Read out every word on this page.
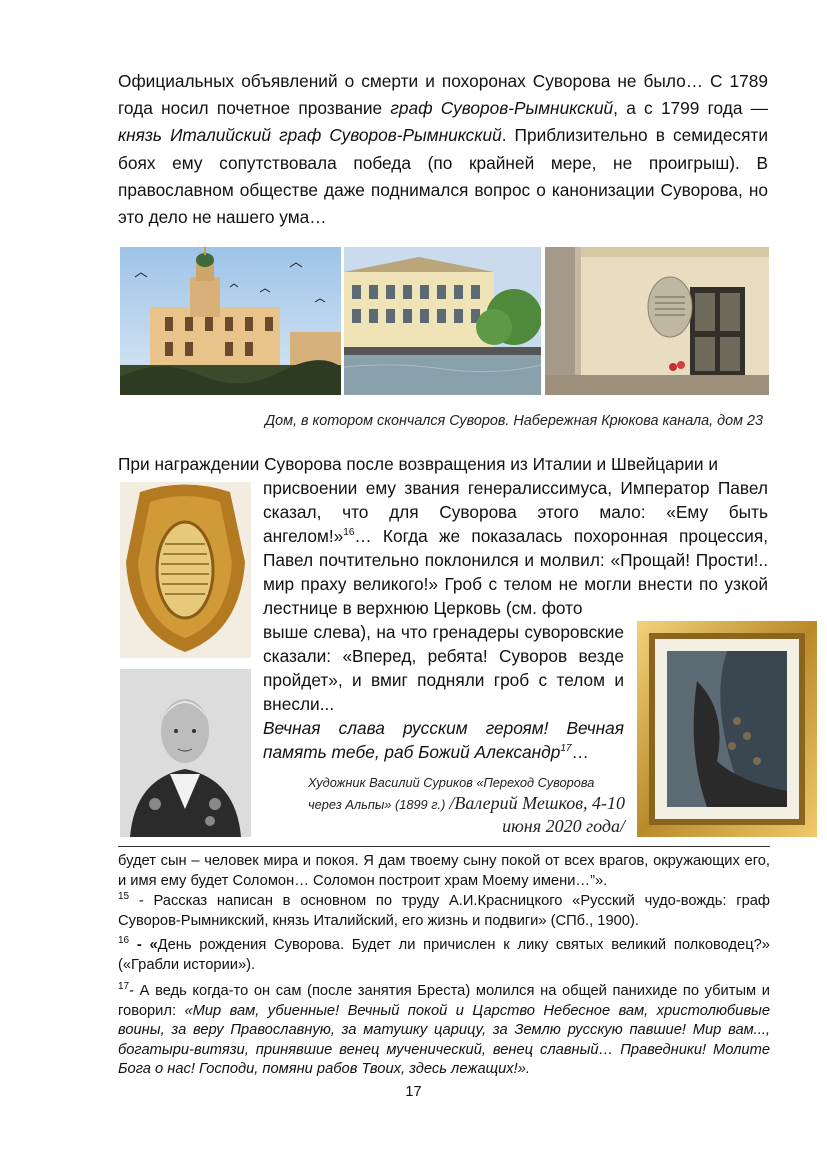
Официальных объявлений о смерти и похоронах Суворова не было… С 1789 года носил почетное прозвание граф Суворов-Рымникский, а с 1799 года — князь Италийский граф Суворов-Рымникский. Приблизительно в семидесяти боях ему сопутствовала победа (по крайней мере, не проигрыш). В православном обществе даже поднимался вопрос о канонизации Суворова, но это дело не нашего ума…
Дом, в котором скончался Суворов. Набережная Крюкова канала, дом 23
При награждении Суворова после возвращения из Италии и Швейцарии и
присвоении ему звания генералиссимуса, Император Павел сказал, что для Суворова этого мало: «Ему быть ангелом!»$^{16}$… Когда же показалась похоронная процессия, Павел почтительно поклонился и молвил: «Прощай! Прости!.. мир праху великого!» Гроб с телом не могли внести по узкой лестнице в верхнюю Церковь (см. фото
выше слева), на что гренадеры суворовские сказали: «Вперед, ребята! Суворов везде пройдет», и вмиг подняли гроб с телом и внесли...
Вечная слава русским героям! Вечная память тебе, раб Божий Александр$^{17}$…
Художник Василий Суриков «Переход Суворова через Альпы» (1899 г.) /Валерий Мешков, 4-10 июня 2020 года/
будет сын – человек мира и покоя. Я дам твоему сыну покой от всех врагов, окружающих его, и имя ему будет Соломон… Соломон построит храм Моему имени…”».
$^{15}$ - Рассказ написан в основном по труду А.И.Красницкого «Русский чудо-вождь: граф Суворов-Рымникский, князь Италийский, его жизнь и подвиги» (СПб., 1900).
$^{16}$ - «День рождения Суворова. Будет ли причислен к лику святых великий полководец?» («Грабли истории»).
$^{17}$- А ведь когда-то он сам (после занятия Бреста) молился на общей панихиде по убитым и говорил: «Мир вам, убиенные! Вечный покой и Царство Небесное вам, христолюбивые воины, за веру Православную, за матушку царицу, за Землю русскую павшие! Мир вам..., богатыри-витязи, принявшие венец мученический, венец славный… Праведники! Молите Бога о нас! Господи, помяни рабов Твоих, здесь лежащих!».
17
